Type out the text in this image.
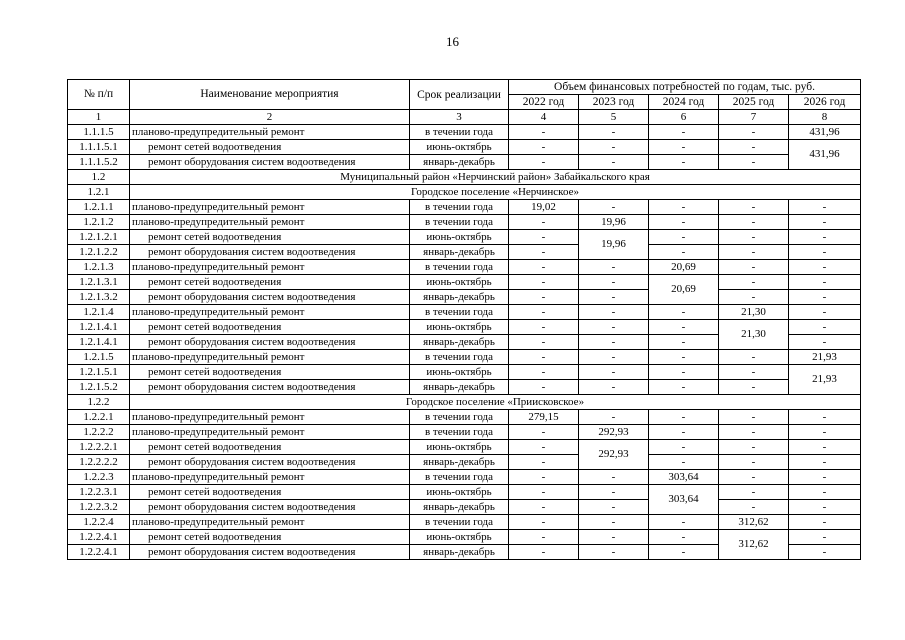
16
№ п/п	Наименование мероприятия	Срок реализации	Объем финансовых потребностей по годам, тыс. руб.				
			2022 год	2023 год	2024 год	2025 год	2026 год
1	2	3	4	5	6	7	8
1.1.1.5	планово-предупредительный ремонт	в течении года	-	-	-	-	431,96
1.1.1.5.1	ремонт сетей водоотведения	июнь-октябрь	-	-	-	-	431,96
1.1.1.5.2	ремонт оборудования систем водоотведения	январь-декабрь	-	-	-	-	
1.2	Муниципальный район «Нерчинский район» Забайкальского края						
1.2.1	Городское поселение «Нерчинское»						
1.2.1.1	планово-предупредительный ремонт	в течении года	19,02	-	-	-	-
1.2.1.2	планово-предупредительный ремонт	в течении года	-	19,96	-	-	-
1.2.1.2.1	ремонт сетей водоотведения	июнь-октябрь	-	19,96	-	-	-
1.2.1.2.2	ремонт оборудования систем водоотведения	январь-декабрь	-		-	-	-
1.2.1.3	планово-предупредительный ремонт	в течении года	-	-	20,69	-	-
1.2.1.3.1	ремонт сетей водоотведения	июнь-октябрь	-	-	20,69	-	-
1.2.1.3.2	ремонт оборудования систем водоотведения	январь-декабрь	-	-		-	-
1.2.1.4	планово-предупредительный ремонт	в течении года	-	-	-	21,30	-
1.2.1.4.1	ремонт сетей водоотведения	июнь-октябрь	-	-	-	21,30	-
1.2.1.4.1	ремонт оборудования систем водоотведения	январь-декабрь	-	-	-		-
1.2.1.5	планово-предупредительный ремонт	в течении года	-	-	-	-	21,93
1.2.1.5.1	ремонт сетей водоотведения	июнь-октябрь	-	-	-	-	21,93
1.2.1.5.2	ремонт оборудования систем водоотведения	январь-декабрь	-	-	-	-	
1.2.2	Городское поселение «Приисковское»						
1.2.2.1	планово-предупредительный ремонт	в течении года	279,15	-	-	-	-
1.2.2.2	планово-предупредительный ремонт	в течении года	-	292,93	-	-	-
1.2.2.2.1	ремонт сетей водоотведения	июнь-октябрь	-	292,93	-	-	-
1.2.2.2.2	ремонт оборудования систем водоотведения	январь-декабрь	-		-	-	-
1.2.2.3	планово-предупредительный ремонт	в течении года	-	-	303,64	-	-
1.2.2.3.1	ремонт сетей водоотведения	июнь-октябрь	-	-	303,64	-	-
1.2.2.3.2	ремонт оборудования систем водоотведения	январь-декабрь	-	-		-	-
1.2.2.4	планово-предупредительный ремонт	в течении года	-	-	-	312,62	-
1.2.2.4.1	ремонт сетей водоотведения	июнь-октябрь	-	-	-	312,62	-
1.2.2.4.1	ремонт оборудования систем водоотведения	январь-декабрь	-	-	-		-
